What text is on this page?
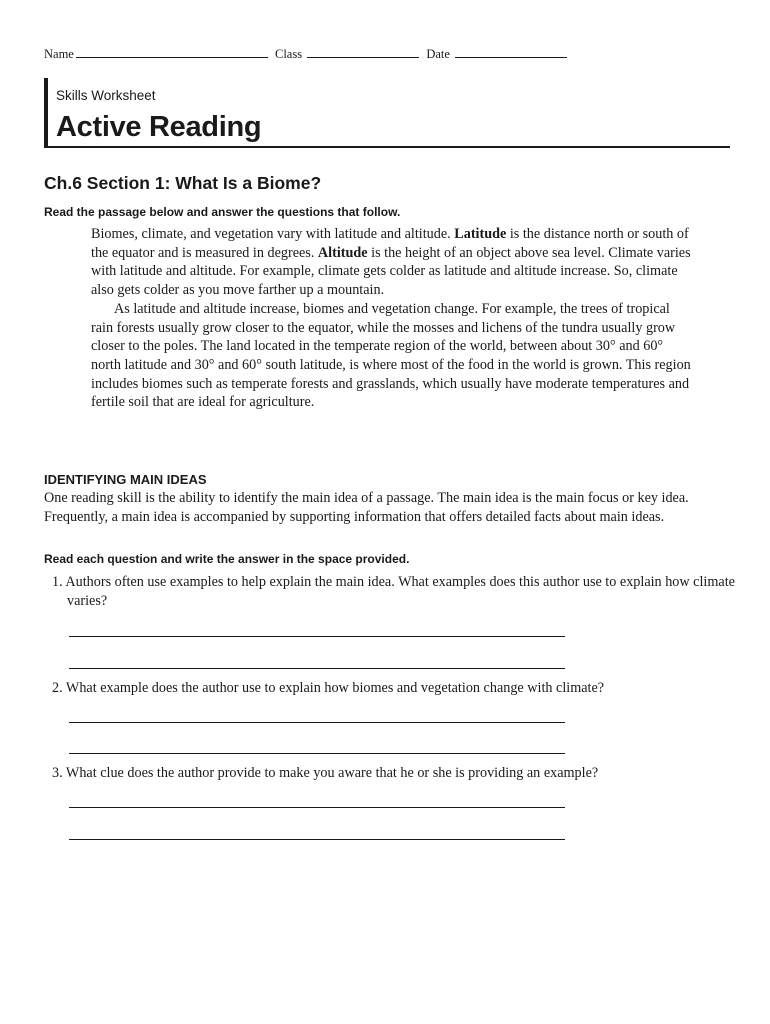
Name	Class	Date
Skills Worksheet
Active Reading
Ch.6 Section 1: What Is a Biome?
Read the passage below and answer the questions that follow.

Biomes, climate, and vegetation vary with latitude and altitude. Latitude is the distance north or south of the equator and is measured in degrees. Altitude is the height of an object above sea level. Climate varies with latitude and altitude. For example, climate gets colder as latitude and altitude increase. So, climate also gets colder as you move farther up a mountain.

As latitude and altitude increase, biomes and vegetation change. For example, the trees of tropical rain forests usually grow closer to the equator, while the mosses and lichens of the tundra usually grow closer to the poles. The land located in the temperate region of the world, between about 30° and 60° north latitude and 30° and 60° south latitude, is where most of the food in the world is grown. This region includes biomes such as temperate forests and grasslands, which usually have moderate temperatures and fertile soil that are ideal for agriculture.

IDENTIFYING MAIN IDEAS
One reading skill is the ability to identify the main idea of a passage. The main idea is the main focus or key idea. Frequently, a main idea is accompanied by supporting information that offers detailed facts about main ideas.
Read each question and write the answer in the space provided.
1. Authors often use examples to help explain the main idea. What examples does this author use to explain how climate varies?
2. What example does the author use to explain how biomes and vegetation change with climate?
3. What clue does the author provide to make you aware that he or she is providing an example?
